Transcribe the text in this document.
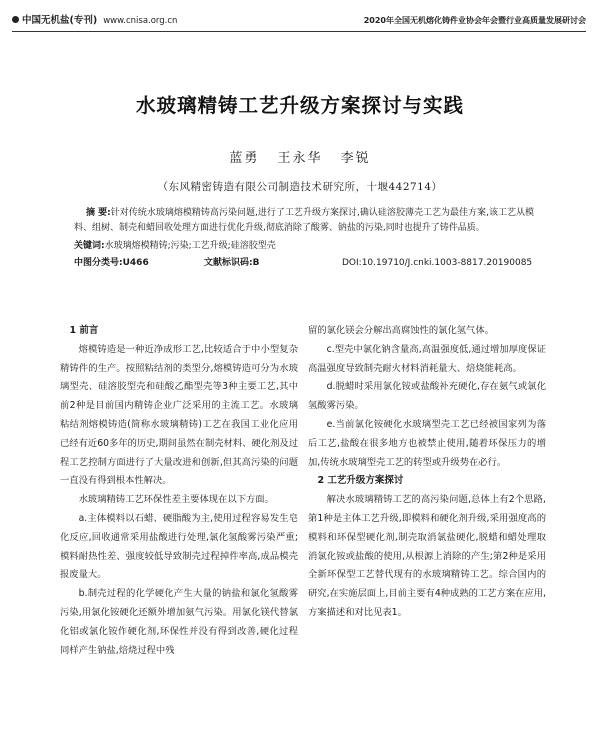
中国无机盐(专刊) www.cnisa.org.cn	2020年全国无机熔化铸件业协会年会暨行业高质量发展研讨会
水玻璃精铸工艺升级方案探讨与实践
蓝勇 王永华 李锐
（东风精密铸造有限公司制造技术研究所，十堰442714）
摘 要:针对传统水玻璃熔模精铸高污染问题,进行了工艺升级方案探讨,确认硅溶胶薄壳工艺为最佳方案,该工艺从模料、组树、制壳和蜡回收处理方面进行优化升级,彻底消除了酸雾、钠盐的污染,同时也提升了铸件品质。
关键词:水玻璃熔模精铸;污染;工艺升级;硅溶胶型壳
中图分类号:U466	文献标识码:B	DOI:10.19710/J.cnki.1003-8817.20190085
1 前言

熔模铸造是一种近净成形工艺,比较适合于中小型复杂精铸件的生产。按照粘结剂的类型分,熔模铸造可分为水玻璃型壳、硅溶胶型壳和硅酸乙酯型壳等3种主要工艺,其中前2种是目前国内精铸企业广泛采用的主流工艺。水玻璃粘结剂熔模铸造(简称水玻璃精铸)工艺在我国工业化应用已经有近60多年的历史,期间虽然在制壳材料、硬化剂及过程工艺控制方面进行了大量改进和创新,但其高污染的问题一直没有得到根本性解决。

水玻璃精铸工艺环保性差主要体现在以下方面。

a.主体模料以石蜡、硬脂酸为主,使用过程容易发生皂化反应,回收通常采用盐酸进行处理,氯化氢酸雾污染严重;模料耐热性差、强度较低导致制壳过程掉件率高,成品模壳报废量大。

b.制壳过程的化学硬化产生大量的钠盐和氯化氢酸雾污染,用氯化铵硬化还额外增加氨气污染。用氯化镁代替氯化铝或氯化铵作硬化剂,环保性并没有得到改善,硬化过程同样产生钠盐,焙烧过程中残

留的氯化镁会分解出高腐蚀性的氯化氢气体。

c.型壳中氯化钠含量高,高温强度低,通过增加厚度保证高温强度导致制壳耐火材料消耗量大、焙烧能耗高。

d.脱蜡时采用氯化铵或盐酸补充硬化,存在氨气或氯化氢酸雾污染。

e.当前氯化铵硬化水玻璃型壳工艺已经被国家列为落后工艺,盐酸在很多地方也被禁止使用,随着环保压力的增加,传统水玻璃型壳工艺的转型或升级势在必行。

2 工艺升级方案探讨

解决水玻璃精铸工艺的高污染问题,总体上有2个思路,第1种是主体工艺升级,即模料和硬化剂升级,采用强度高的模料和环保型硬化剂,制壳取消氯盐硬化,脱蜡和蜡处理取消氯化铵或盐酸的使用,从根源上消除的产生;第2种是采用全新环保型工艺替代现有的水玻璃精铸工艺。综合国内的研究,在实施层面上,目前主要有4种成熟的工艺方案在应用,方案描述和对比见表1。
